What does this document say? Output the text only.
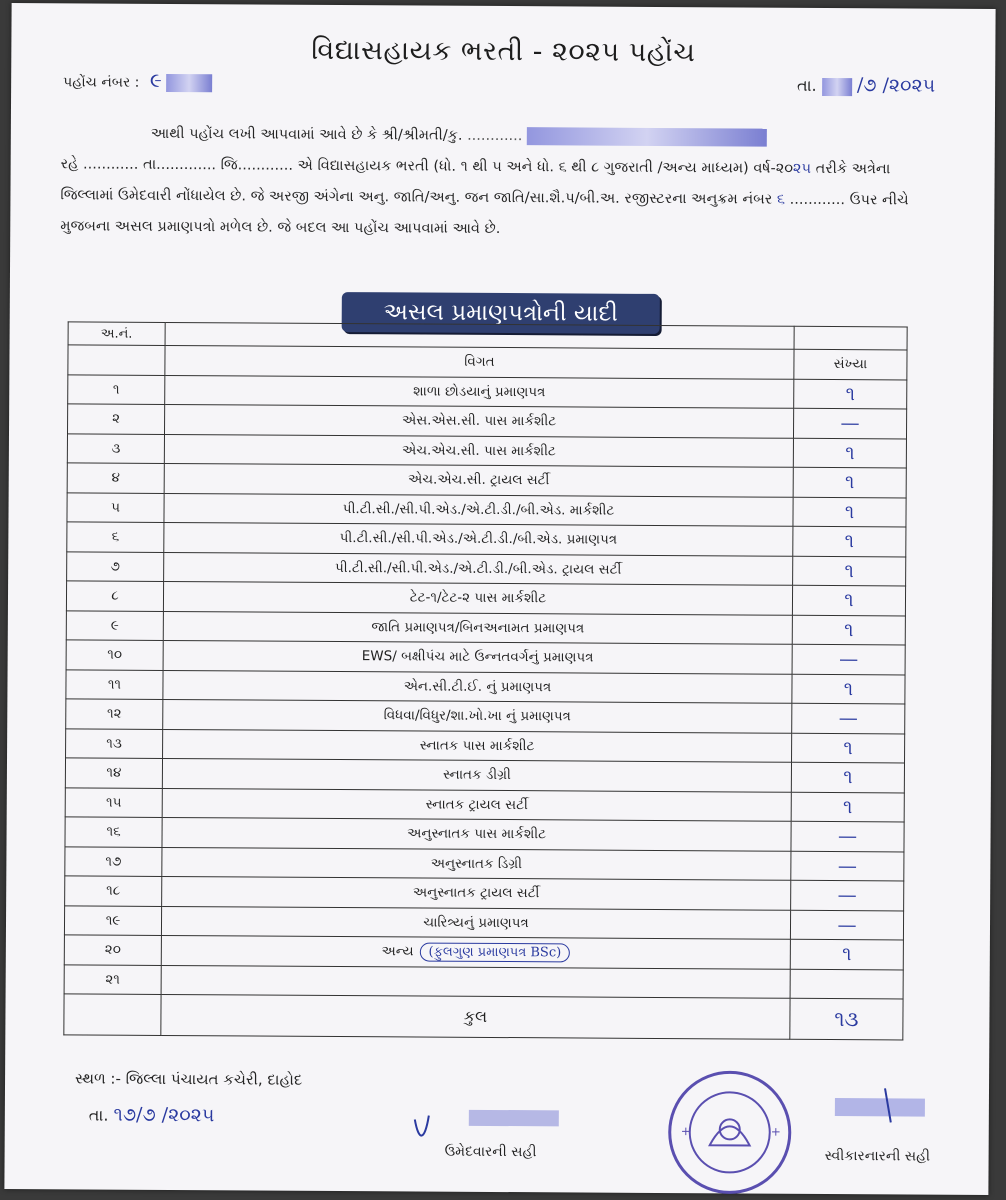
વિદ્યાસહાયક ભરતી - ૨૦૨૫ પહોંચ
પહોંચ નંબર : ૯	તા. /૭ /૨૦૨૫

આથી પહોંચ લખી આપવામાં આવે છે કે શ્રી/શ્રીમતી/કુ. ............

રહે ............ તા............. જિ............ એ વિદ્યાસહાયક ભરતી (ધો. ૧ થી ૫ અને ધો. ૬ થી ૮ ગુજરાતી /અન્ય માધ્યમ) વર્ષ-૨૦૨૫ તરીકે અત્રેના જિલ્લામાં ઉમેદવારી નોંધાયેલ છે. જે અરજી અંગેના અનુ. જાતિ/અનુ. જન જાતિ/સા.શૈ.પ/બી.અ. રજીસ્ટરના અનુક્રમ નંબર ૬ ............ ઉપર નીચે મુજબના અસલ પ્રમાણપત્રો મળેલ છે. જે બદલ આ પહોંચ આપવામાં આવે છે.
અસલ પ્રમાણપત્રોની યાદી
અ.નં.		
	વિગત	સંખ્યા
૧	શાળા છોડયાનું પ્રમાણપત્ર	૧
૨	એસ.એસ.સી. પાસ માર્કશીટ	—
૩	એચ.એચ.સી. પાસ માર્કશીટ	૧
૪	એચ.એચ.સી. ટ્રાયલ સર્ટી	૧
૫	પી.ટી.સી./સી.પી.એડ./એ.ટી.ડી./બી.એડ. માર્કશીટ	૧
૬	પી.ટી.સી./સી.પી.એડ./એ.ટી.ડી./બી.એડ. પ્રમાણપત્ર	૧
૭	પી.ટી.સી./સી.પી.એડ./એ.ટી.ડી./બી.એડ. ટ્રાયલ સર્ટી	૧
૮	ટેટ-૧/ટેટ-૨ પાસ માર્કશીટ	૧
૯	જાતિ પ્રમાણપત્ર/બિનઅનામત પ્રમાણપત્ર	૧
૧૦	EWS/ બક્ષીપંચ માટે ઉન્નતવર્ગનું પ્રમાણપત્ર	—
૧૧	એન.સી.ટી.ઈ. નું પ્રમાણપત્ર	૧
૧૨	વિધવા/વિધુર/શા.ખો.ખા નું પ્રમાણપત્ર	—
૧૩	સ્નાતક પાસ માર્કશીટ	૧
૧૪	સ્નાતક ડીગ્રી	૧
૧૫	સ્નાતક ટ્રાયલ સર્ટી	૧
૧૬	અનુસ્નાતક પાસ માર્કશીટ	—
૧૭	અનુસ્નાતક ડિગ્રી	—
૧૮	અનુસ્નાતક ટ્રાયલ સર્ટી	—
૧૯	ચારિત્ર્યનું પ્રમાણપત્ર	—
૨૦	અન્ય (ફુલગુણ પ્રમાણપત્ર BSc)	૧
૨૧		
	કુલ	૧૩
સ્થળ :- જિલ્લા પંચાયત કચેરી, દાહોદ
તા. ૧૭/૭ /૨૦૨૫
ઉમેદવારની સહી
+	+
સ્વીકારનારની સહી
